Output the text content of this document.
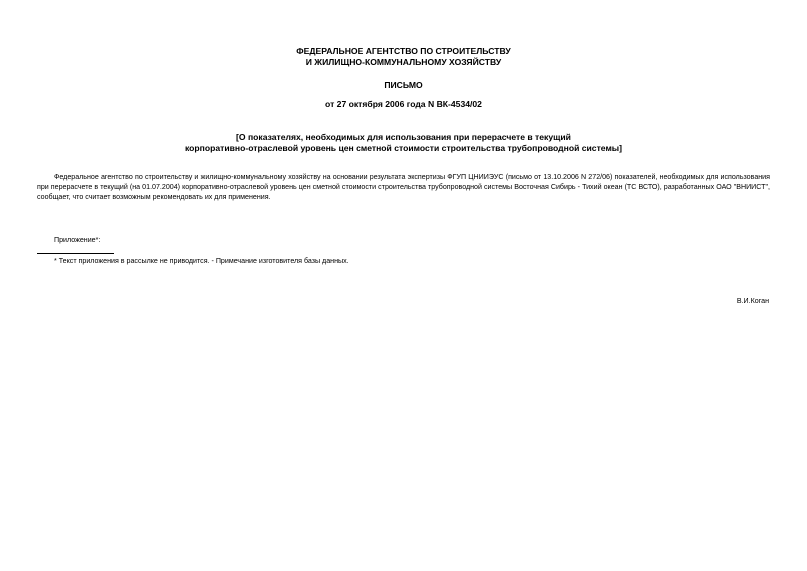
ФЕДЕРАЛЬНОЕ АГЕНТСТВО ПО СТРОИТЕЛЬСТВУ
И ЖИЛИЩНО-КОММУНАЛЬНОМУ ХОЗЯЙСТВУ
ПИСЬМО
от 27 октября 2006 года N ВК-4534/02
[О показателях, необходимых для использования при перерасчете в текущий
корпоративно-отраслевой уровень цен сметной стоимости строительства трубопроводной системы]

Федеральное агентство по строительству и жилищно-коммунальному хозяйству на основании результата экспертизы ФГУП ЦНИИЭУС (письмо от 13.10.2006 N 272/06) показателей, необходимых для использования при перерасчете в текущий (на 01.07.2004) корпоративно-отраслевой уровень цен сметной стоимости строительства трубопроводной системы Восточная Сибирь - Тихий океан (ТС ВСТО), разработанных ОАО "ВНИИСТ", сообщает, что считает возможным рекомендовать их для применения.

Приложение*:
* Текст приложения в рассылке не приводится. - Примечание изготовителя базы данных.
В.И.Коган
